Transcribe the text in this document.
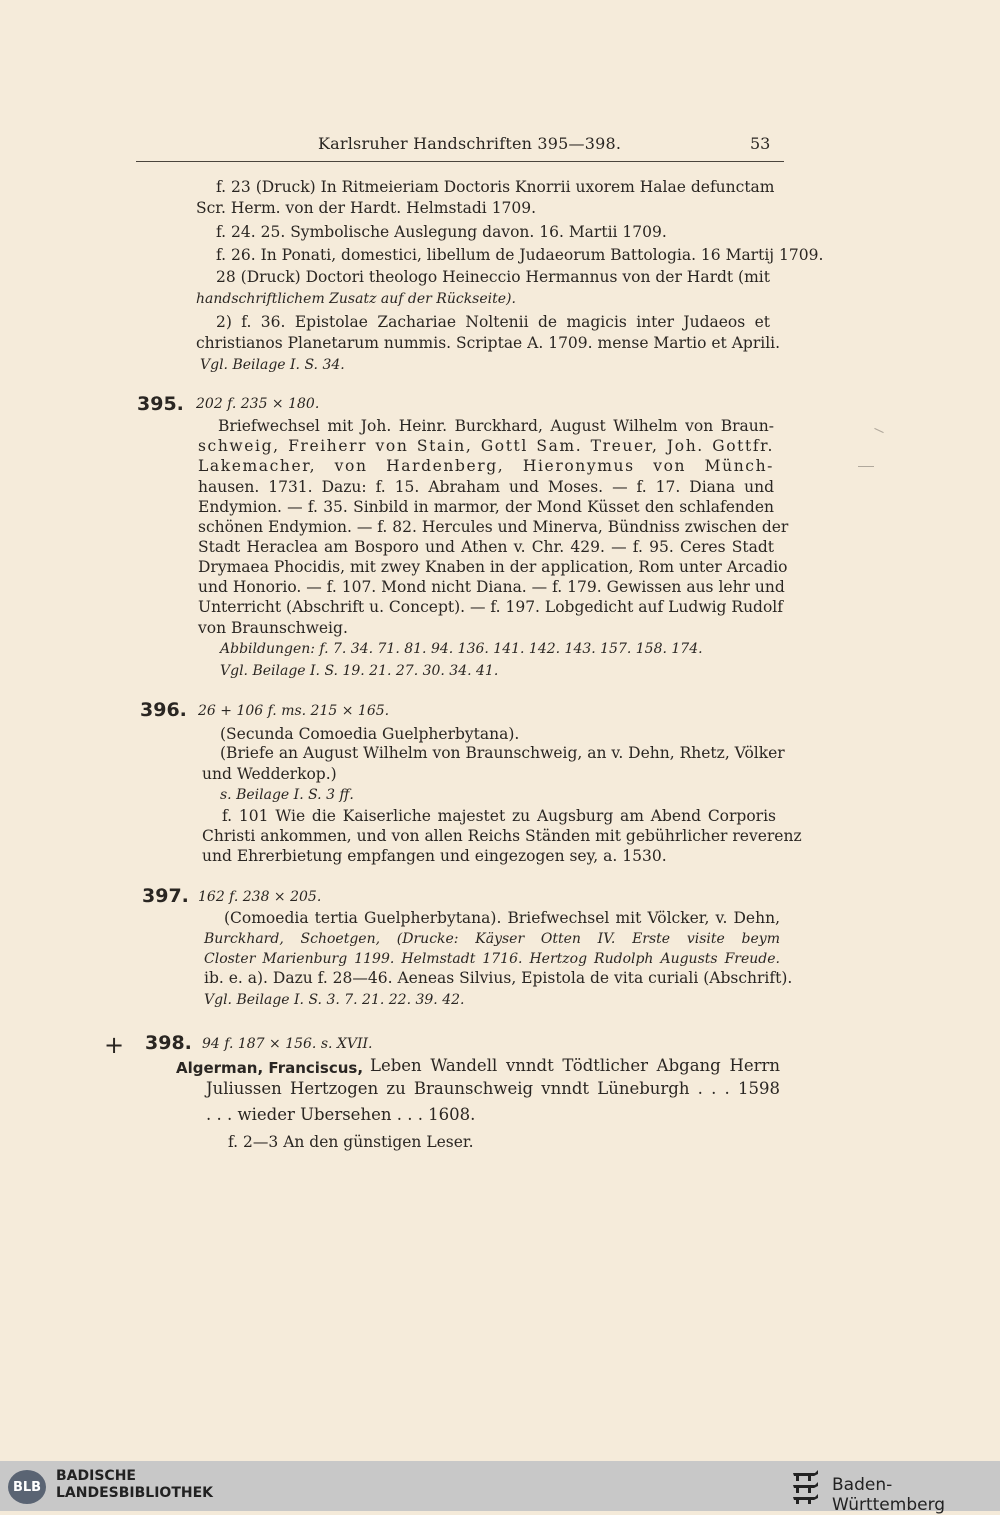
Karlsruher Handschriften 395—398.	53
f. 23 (Druck) In Ritmeieriam Doctoris Knorrii uxorem Halae defunctam
Scr. Herm. von der Hardt. Helmstadi 1709.
f. 24. 25. Symbolische Auslegung davon. 16. Martii 1709.
f. 26. In Ponati, domestici, libellum de Judaeorum Battologia. 16 Martij 1709.
28 (Druck) Doctori theologo Heineccio Hermannus von der Hardt (mit
handschriftlichem Zusatz auf der Rückseite).
2) f. 36. Epistolae Zachariae Noltenii de magicis inter Judaeos et
christianos Planetarum nummis. Scriptae A. 1709. mense Martio et Aprili.
Vgl. Beilage I. S. 34.
395. 202 f. 235 × 180.
Briefwechsel mit Joh. Heinr. Burckhard, August Wilhelm von Braun-
schweig, Freiherr von Stain, Gottl Sam. Treuer, Joh. Gottfr.
Lakemacher, von Hardenberg, Hieronymus von Münch-
hausen. 1731. Dazu: f. 15. Abraham und Moses. — f. 17. Diana und
Endymion. — f. 35. Sinbild in marmor, der Mond Küsset den schlafenden
schönen Endymion. — f. 82. Hercules und Minerva, Bündniss zwischen der
Stadt Heraclea am Bosporo und Athen v. Chr. 429. — f. 95. Ceres Stadt
Drymaea Phocidis, mit zwey Knaben in der application, Rom unter Arcadio
und Honorio. — f. 107. Mond nicht Diana. — f. 179. Gewissen aus lehr und
Unterricht (Abschrift u. Concept). — f. 197. Lobgedicht auf Ludwig Rudolf
von Braunschweig.
Abbildungen: f. 7. 34. 71. 81. 94. 136. 141. 142. 143. 157. 158. 174.
Vgl. Beilage I. S. 19. 21. 27. 30. 34. 41.
396. 26 + 106 f. ms. 215 × 165.
(Secunda Comoedia Guelpherbytana).
(Briefe an August Wilhelm von Braunschweig, an v. Dehn, Rhetz, Völker
und Wedderkop.)
s. Beilage I. S. 3 ff.
f. 101 Wie die Kaiserliche majestet zu Augsburg am Abend Corporis
Christi ankommen, und von allen Reichs Ständen mit gebührlicher reverenz
und Ehrerbietung empfangen und eingezogen sey, a. 1530.
397. 162 f. 238 × 205.
(Comoedia tertia Guelpherbytana). Briefwechsel mit Völcker, v. Dehn,
Burckhard, Schoetgen, (Drucke: Käyser Otten IV. Erste visite beym
Closter Marienburg 1199. Helmstadt 1716. Hertzog Rudolph Augusts Freude.
ib. e. a). Dazu f. 28—46. Aeneas Silvius, Epistola de vita curiali (Abschrift).
Vgl. Beilage I. S. 3. 7. 21. 22. 39. 42.
+ 398. 94 f. 187 × 156. s. XVII.
Algerman, Franciscus, Leben Wandell vnndt Tödtlicher Abgang Herrn
Juliussen Hertzogen zu Braunschweig vnndt Lüneburgh . . . 1598
. . . wieder Ubersehen . . . 1608.
f. 2—3 An den günstigen Leser.
BLB
BADISCHE
LANDESBIBLIOTHEK	Baden-Württemberg
